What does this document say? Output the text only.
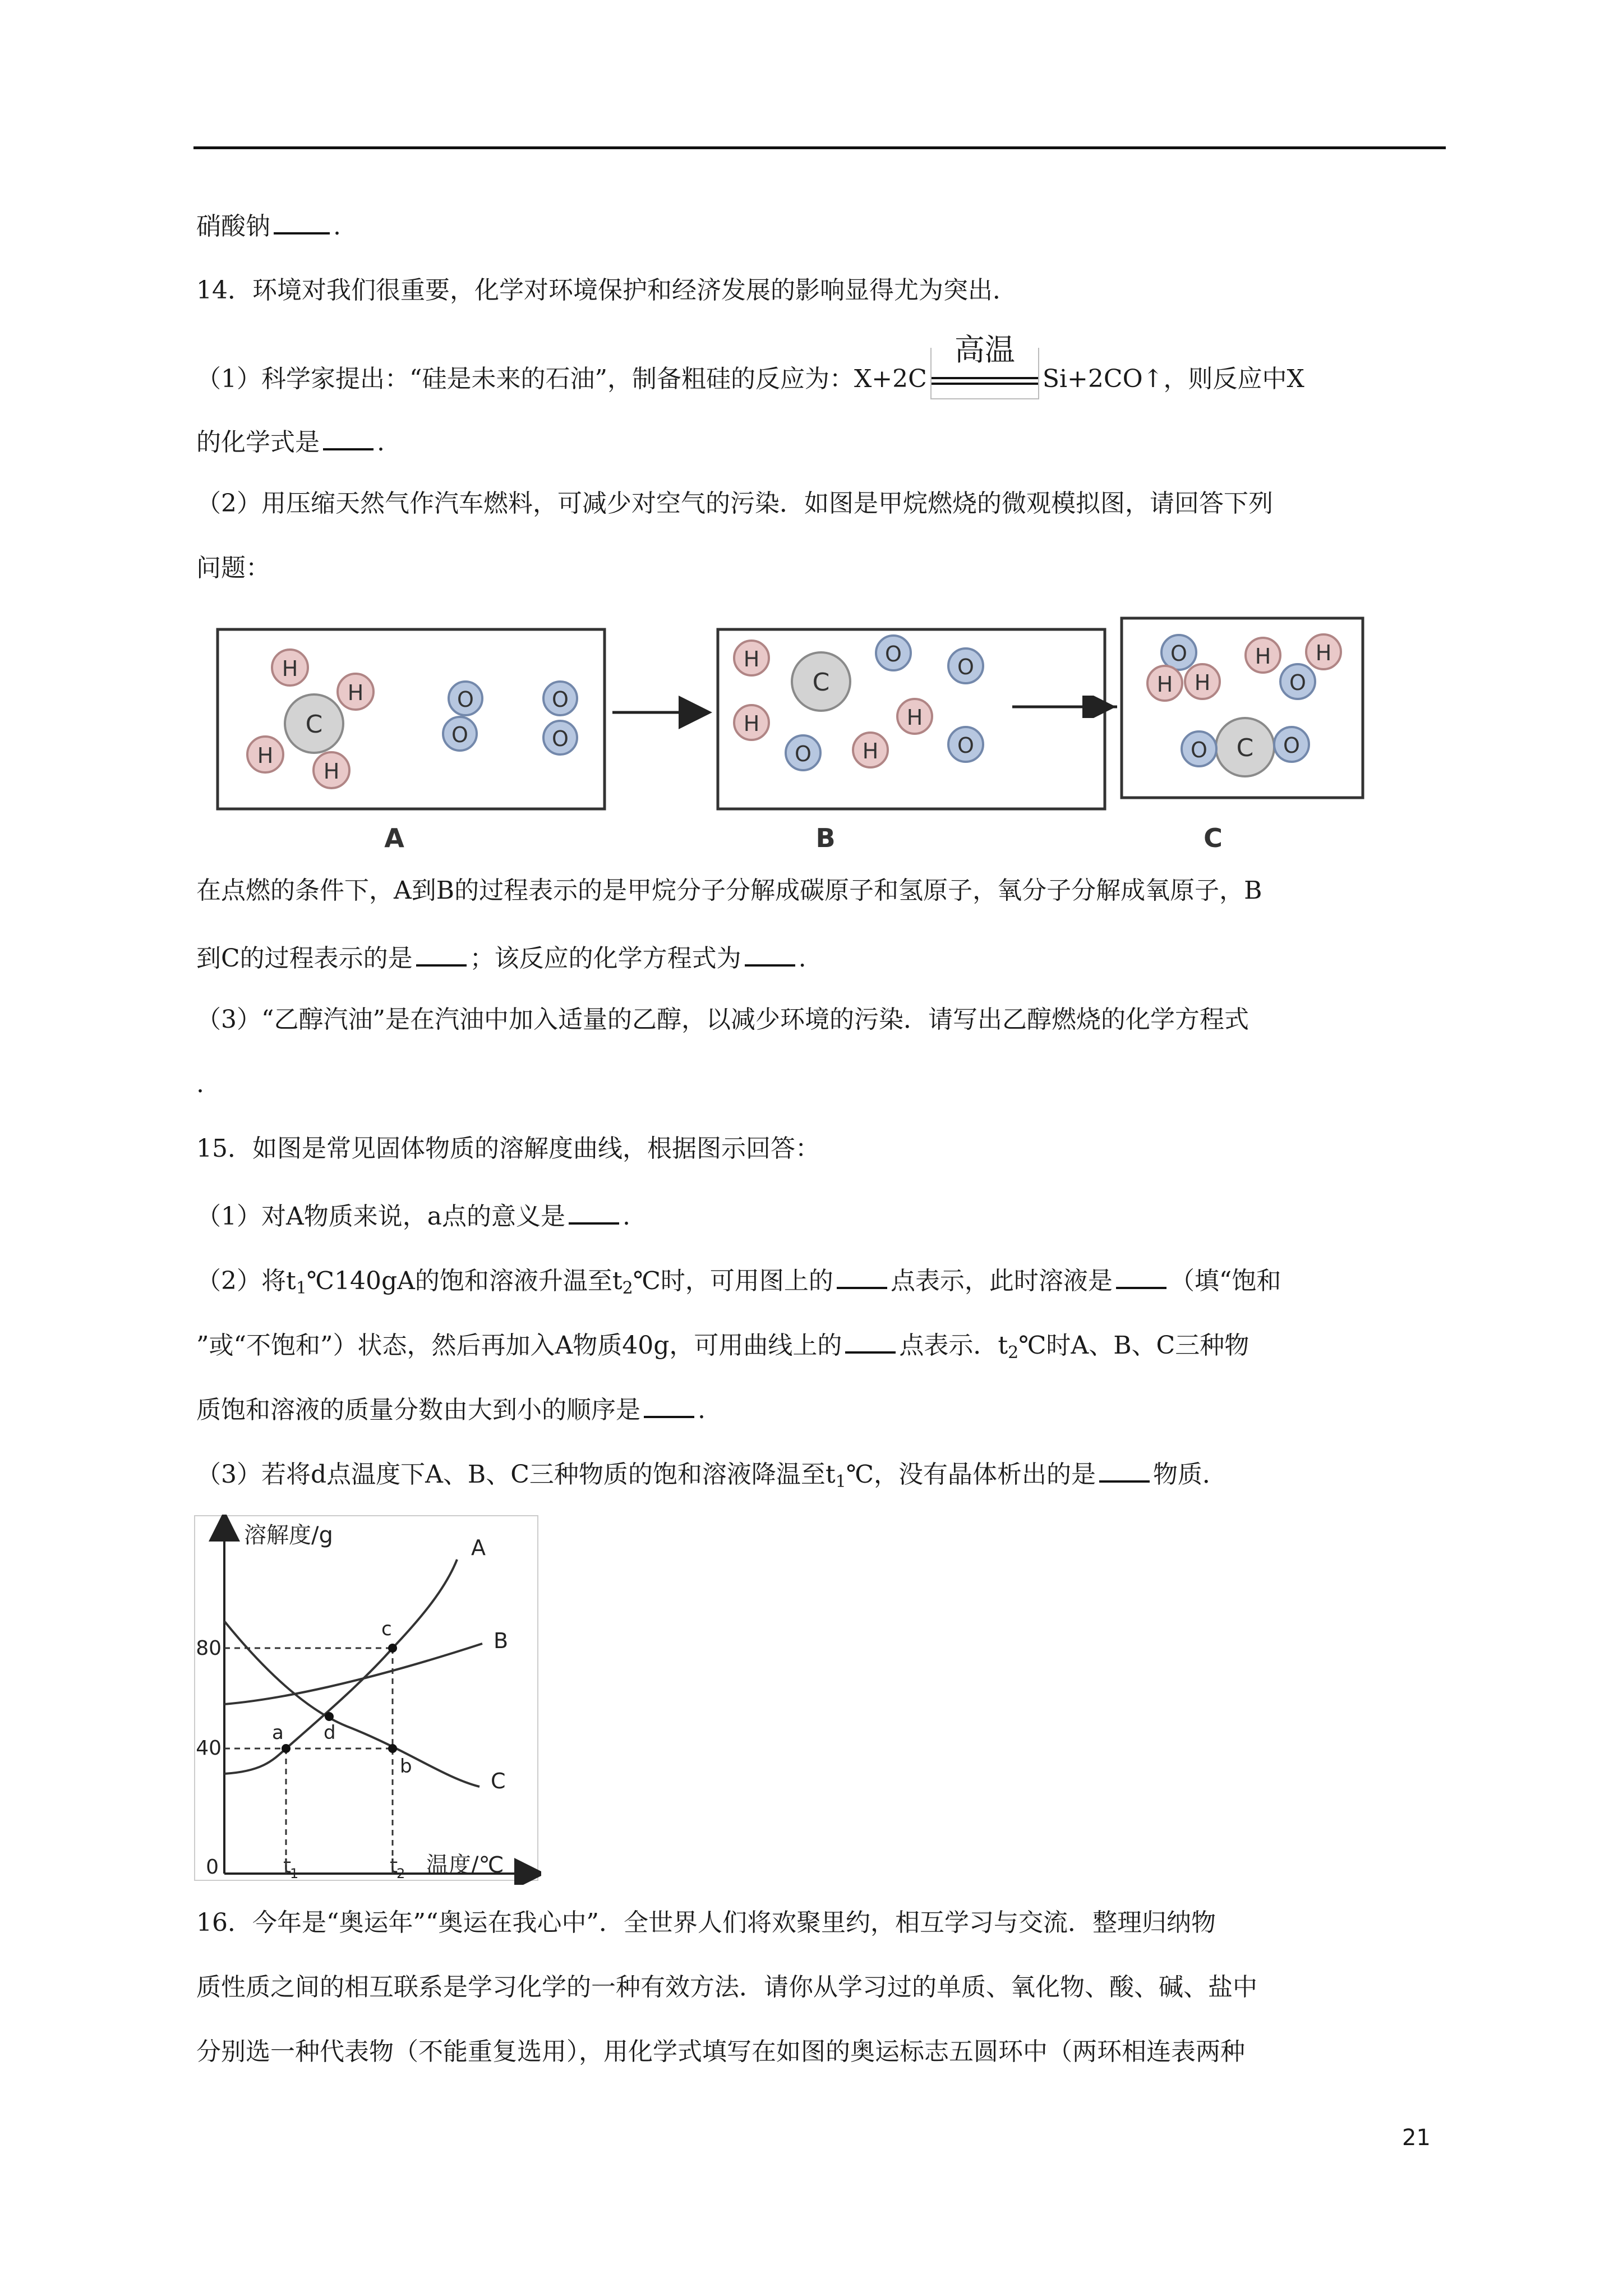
硝酸钠	.
14．环境对我们很重要，化学对环境保护和经济发展的影响显得尤为突出．
（1）科学家提出：“硅是未来的石油”，制备粗硅的反应为：X+2C
高温
Si+2CO↑，则反应中X
的化学式是 .
（2）用压缩天然气作汽车燃料，可减少对空气的污染．如图是甲烷燃烧的微观模拟图，请回答下列
问题：
C
H
H
H
H
O
O
O
O
A
C
H
H	H
H
O
O
O	O
B
C
O	O
O
H H
H
O
H
C
在点燃的条件下，A到B的过程表示的是甲烷分子分解成碳原子和氢原子，氧分子分解成氧原子，B
到C的过程表示的是 ；该反应的化学方程式为 .
（3）“乙醇汽油”是在汽油中加入适量的乙醇，以减少环境的污染．请写出乙醇燃烧的化学方程式
.
15．如图是常见固体物质的溶解度曲线，根据图示回答：
（1）对A物质来说，a点的意义是 .
（2）将$t_1℃140gA$的饱和溶液升温至$t_2℃$时，可用图上的 点表示，此时溶液是 （填“饱和
”或“不饱和”）状态，然后再加入A物质40g，可用曲线上的 点表示．$t_2℃$时A、B、C三种物
质饱和溶液的质量分数由大到小的顺序是 .
（3）若将d点温度下A、B、C三种物质的饱和溶液降温至$t_1℃$，没有晶体析出的是 物质．
溶解度/g
温度/℃
0
80
40
t
1	t
2
A
B
C
a
b
c
d
16．今年是“奥运年”“奥运在我心中”．全世界人们将欢聚里约，相互学习与交流．整理归纳物
质性质之间的相互联系是学习化学的一种有效方法．请你从学习过的单质、氧化物、酸、碱、盐中
分别选一种代表物（不能重复选用），用化学式填写在如图的奥运标志五圆环中（两环相连表两种
21
